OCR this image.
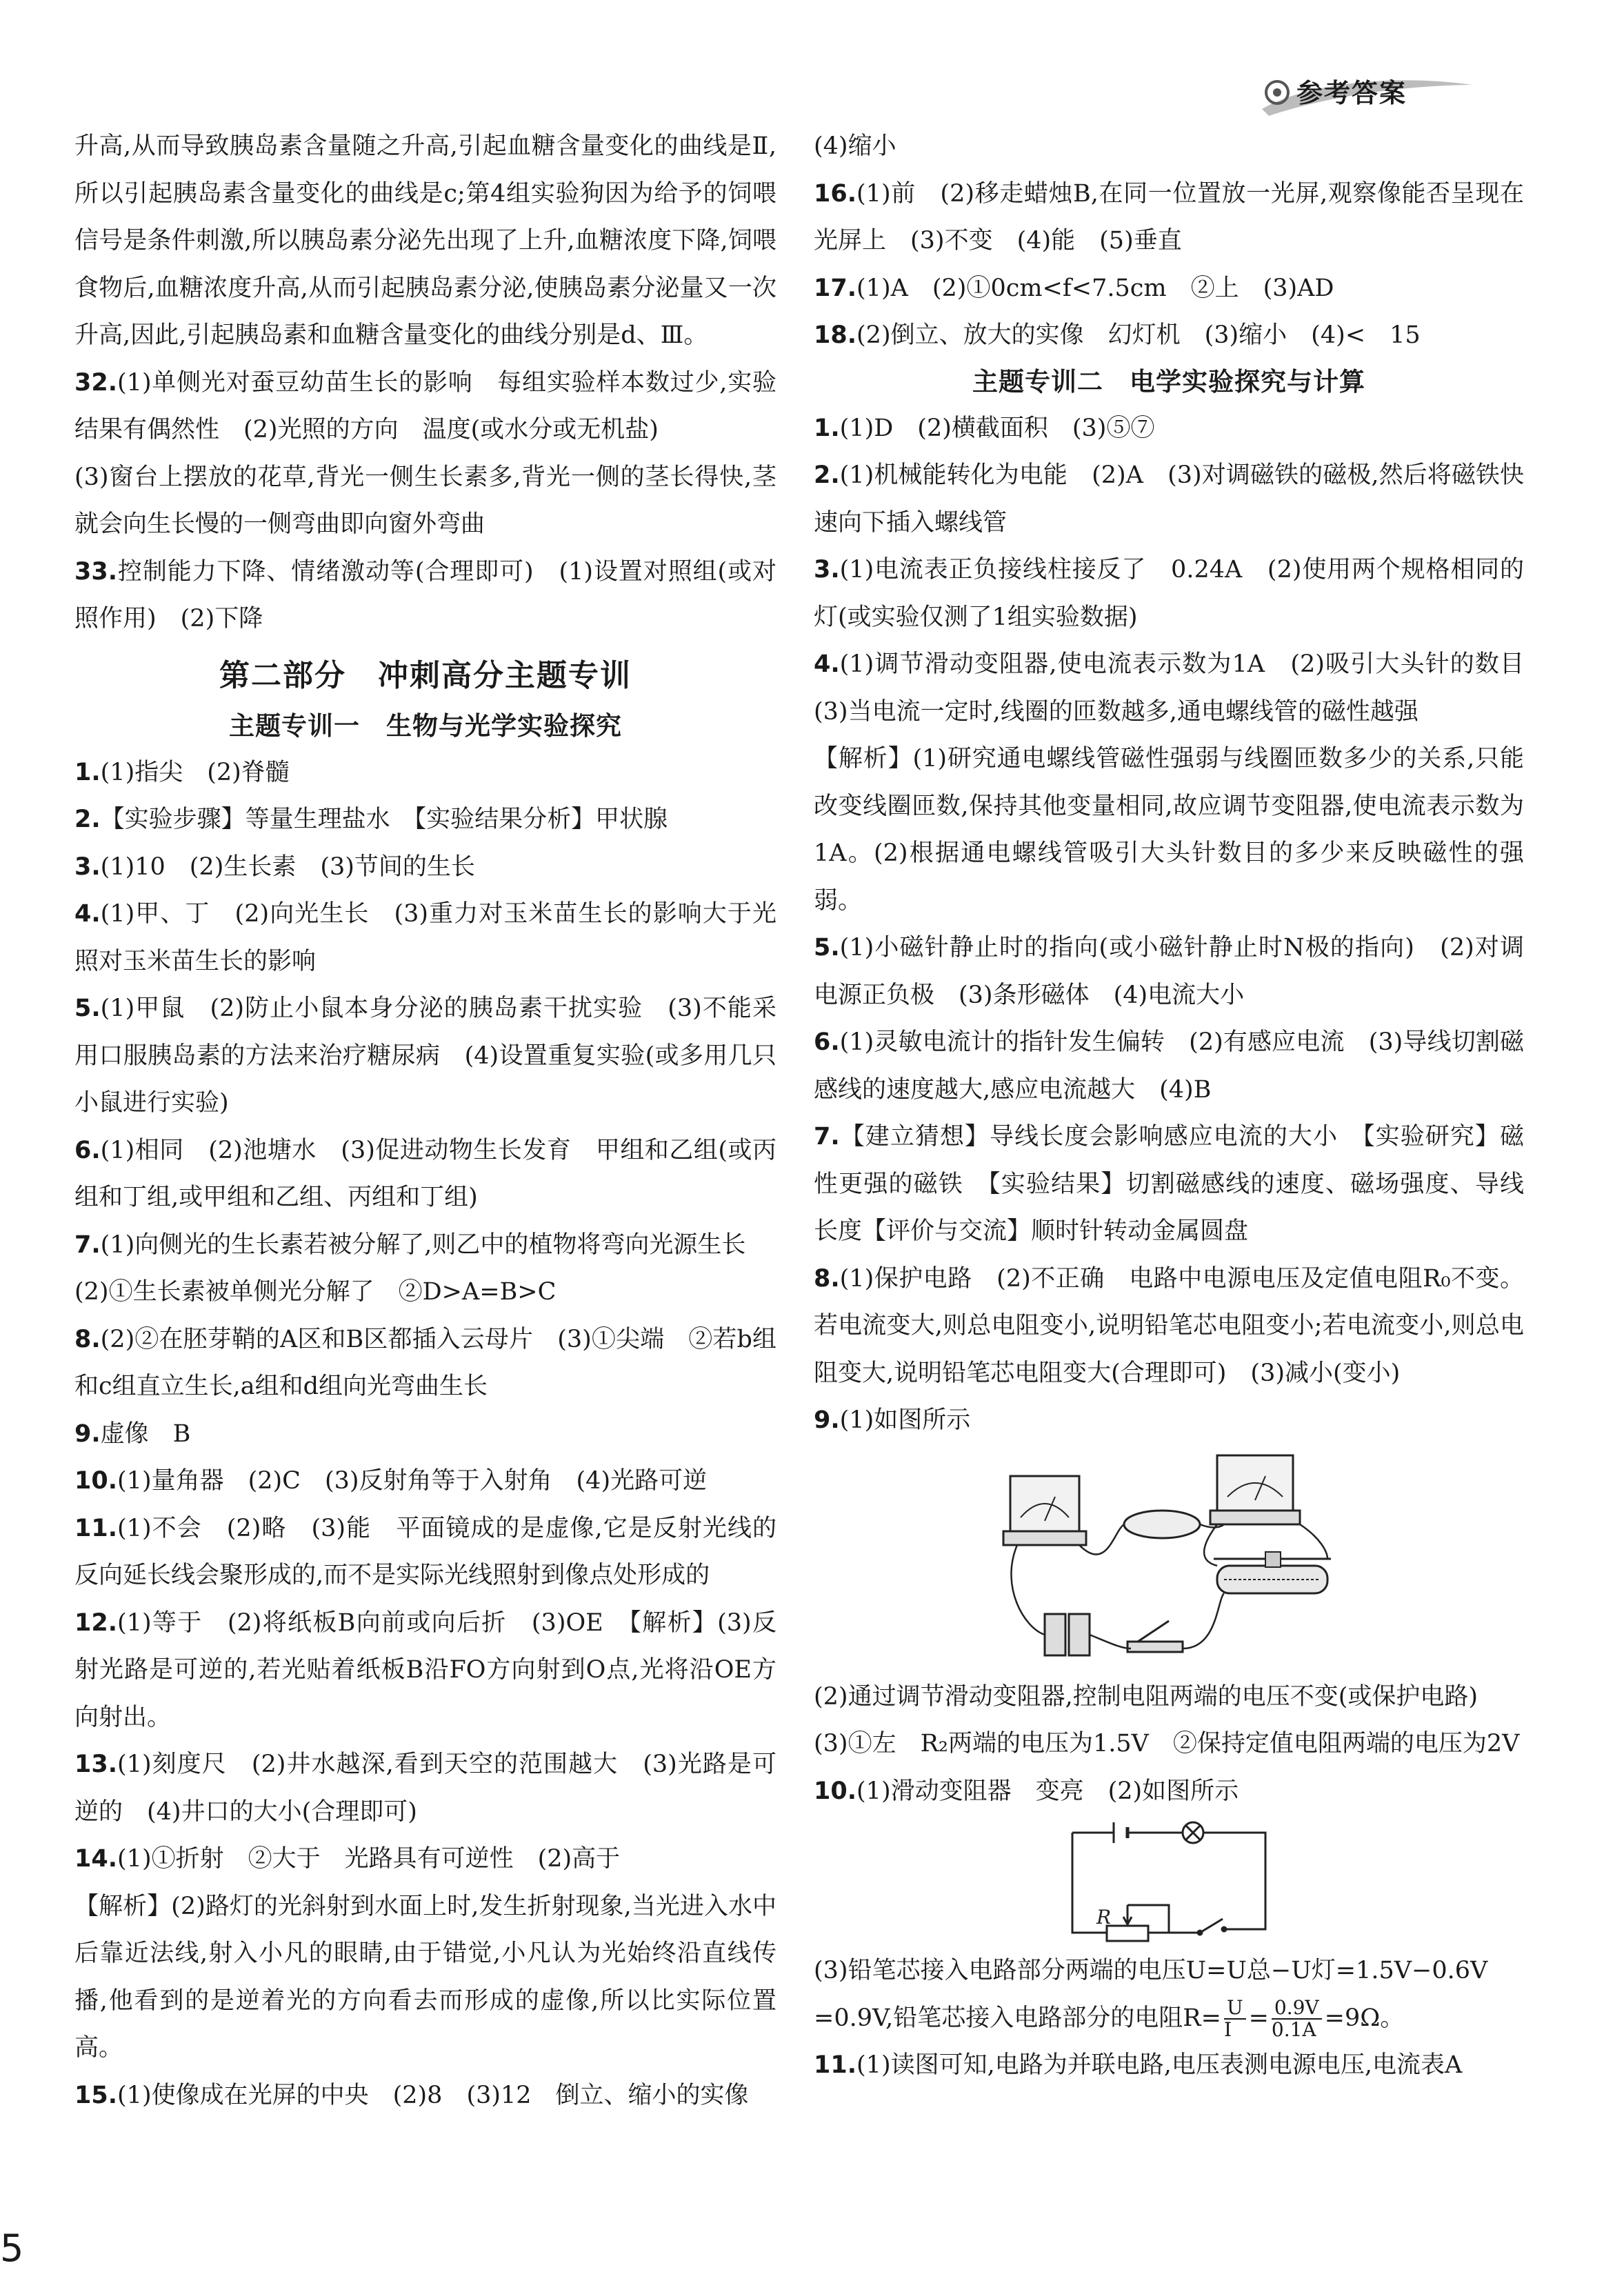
参考答案

升高,从而导致胰岛素含量随之升高,引起血糖含量变化的曲线是Ⅱ,所以引起胰岛素含量变化的曲线是c;第4组实验狗因为给予的饲喂信号是条件刺激,所以胰岛素分泌先出现了上升,血糖浓度下降,饲喂食物后,血糖浓度升高,从而引起胰岛素分泌,使胰岛素分泌量又一次升高,因此,引起胰岛素和血糖含量变化的曲线分别是d、Ⅲ。

32.(1)单侧光对蚕豆幼苗生长的影响　每组实验样本数过少,实验结果有偶然性　(2)光照的方向　温度(或水分或无机盐)

(3)窗台上摆放的花草,背光一侧生长素多,背光一侧的茎长得快,茎就会向生长慢的一侧弯曲即向窗外弯曲

33.控制能力下降、情绪激动等(合理即可)　(1)设置对照组(或对照作用)　(2)下降

第二部分　冲刺高分主题专训
主题专训一　生物与光学实验探究

1.(1)指尖　(2)脊髓

2.【实验步骤】等量生理盐水　【实验结果分析】甲状腺

3.(1)10　(2)生长素　(3)节间的生长

4.(1)甲、丁　(2)向光生长　(3)重力对玉米苗生长的影响大于光照对玉米苗生长的影响

5.(1)甲鼠　(2)防止小鼠本身分泌的胰岛素干扰实验　(3)不能采用口服胰岛素的方法来治疗糖尿病　(4)设置重复实验(或多用几只小鼠进行实验)

6.(1)相同　(2)池塘水　(3)促进动物生长发育　甲组和乙组(或丙组和丁组,或甲组和乙组、丙组和丁组)

7.(1)向侧光的生长素若被分解了,则乙中的植物将弯向光源生长

(2)①生长素被单侧光分解了　②D>A=B>C

8.(2)②在胚芽鞘的A区和B区都插入云母片　(3)①尖端　②若b组和c组直立生长,a组和d组向光弯曲生长

9.虚像　B

10.(1)量角器　(2)C　(3)反射角等于入射角　(4)光路可逆

11.(1)不会　(2)略　(3)能　平面镜成的是虚像,它是反射光线的反向延长线会聚形成的,而不是实际光线照射到像点处形成的

12.(1)等于　(2)将纸板B向前或向后折　(3)OE　【解析】(3)反射光路是可逆的,若光贴着纸板B沿FO方向射到O点,光将沿OE方向射出。

13.(1)刻度尺　(2)井水越深,看到天空的范围越大　(3)光路是可逆的　(4)井口的大小(合理即可)

14.(1)①折射　②大于　光路具有可逆性　(2)高于

【解析】(2)路灯的光斜射到水面上时,发生折射现象,当光进入水中后靠近法线,射入小凡的眼睛,由于错觉,小凡认为光始终沿直线传播,他看到的是逆着光的方向看去而形成的虚像,所以比实际位置高。

15.(1)使像成在光屏的中央　(2)8　(3)12　倒立、缩小的实像

(4)缩小

16.(1)前　(2)移走蜡烛B,在同一位置放一光屏,观察像能否呈现在光屏上　(3)不变　(4)能　(5)垂直

17.(1)A　(2)①0cm<f<7.5cm　②上　(3)AD

18.(2)倒立、放大的实像　幻灯机　(3)缩小　(4)<　15

主题专训二　电学实验探究与计算

1.(1)D　(2)横截面积　(3)⑤⑦

2.(1)机械能转化为电能　(2)A　(3)对调磁铁的磁极,然后将磁铁快速向下插入螺线管

3.(1)电流表正负接线柱接反了　0.24A　(2)使用两个规格相同的灯(或实验仅测了1组实验数据)

4.(1)调节滑动变阻器,使电流表示数为1A　(2)吸引大头针的数目　(3)当电流一定时,线圈的匝数越多,通电螺线管的磁性越强

【解析】(1)研究通电螺线管磁性强弱与线圈匝数多少的关系,只能改变线圈匝数,保持其他变量相同,故应调节变阻器,使电流表示数为1A。(2)根据通电螺线管吸引大头针数目的多少来反映磁性的强弱。

5.(1)小磁针静止时的指向(或小磁针静止时N极的指向)　(2)对调电源正负极　(3)条形磁体　(4)电流大小

6.(1)灵敏电流计的指针发生偏转　(2)有感应电流　(3)导线切割磁感线的速度越大,感应电流越大　(4)B

7.【建立猜想】导线长度会影响感应电流的大小　【实验研究】磁性更强的磁铁　【实验结果】切割磁感线的速度、磁场强度、导线长度【评价与交流】顺时针转动金属圆盘

8.(1)保护电路　(2)不正确　电路中电源电压及定值电阻R₀不变。若电流变大,则总电阻变小,说明铅笔芯电阻变小;若电流变小,则总电阻变大,说明铅笔芯电阻变大(合理即可)　(3)减小(变小)

9.(1)如图所示

(2)通过调节滑动变阻器,控制电阻两端的电压不变(或保护电路)

(3)①左　R₂两端的电压为1.5V　②保持定值电阻两端的电压为2V

10.(1)滑动变阻器　变亮　(2)如图所示

R

(3)铅笔芯接入电路部分两端的电压U=U总−U灯=1.5V−0.6V

=0.9V,铅笔芯接入电路部分的电阻$R= \frac{U}{I} = \frac{0.9V}{0.1A} =9\Omega$。

11.(1)读图可知,电路为并联电路,电压表测电源电压,电流表A

5
